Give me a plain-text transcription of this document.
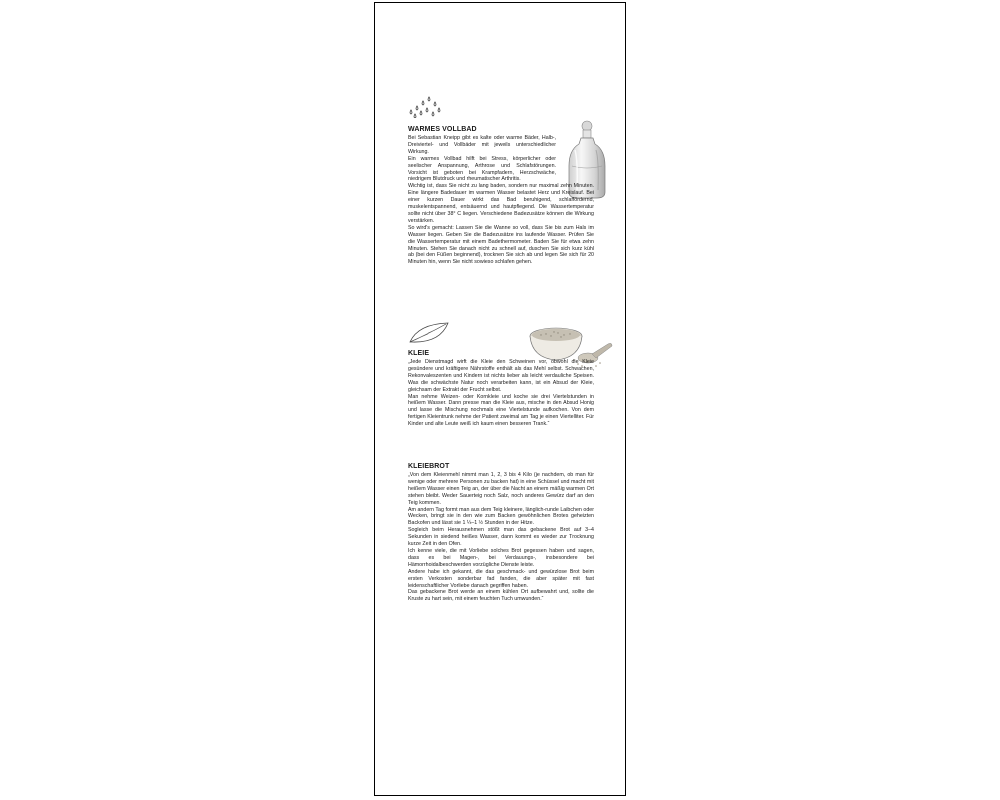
WARMES VOLLBAD

Bei Sebastian Kneipp gibt es kalte oder warme Bäder, Halb-, Dreiviertel- und Vollbäder mit jeweils unterschiedlicher Wirkung.

Ein warmes Vollbad hilft bei Stress, körperlicher oder seelischer Anspannung, Arthrose und Schlafstörungen. Vorsicht ist geboten bei Krampfadern, Herzschwäche, niedrigem Blutdruck und rheumatischer Arthritis.

Wichtig ist, dass Sie nicht zu lang baden, sondern nur maximal zehn Minuten. Eine längere Badedauer im warmen Wasser belastet Herz und Kreislauf. Bei einer kurzen Dauer wirkt das Bad beruhigend, schlaffördernd, muskelentspannend, entsäuernd und hautpflegend. Die Wassertemperatur sollte nicht über 38° C liegen. Verschiedene Badezusätze können die Wirkung verstärken.

So wird's gemacht: Lassen Sie die Wanne so voll, dass Sie bis zum Hals im Wasser liegen. Geben Sie die Badezusätze ins laufende Wasser. Prüfen Sie die Wassertemperatur mit einem Badethermometer. Baden Sie für etwa zehn Minuten. Stehen Sie danach nicht zu schnell auf, duschen Sie sich kurz kühl ab (bei den Füßen beginnend), trocknen Sie sich ab und legen Sie sich für 20 Minuten hin, wenn Sie nicht sowieso schlafen gehen.

KLEIE

„Jede Dienstmagd wirft die Kleie den Schweinen vor, obwohl die Kleie gesündere und kräftigere Nährstoffe enthält als das Mehl selbst. Schwachen, Rekonvaleszenten und Kindern ist nichts lieber als leicht verdauliche Speisen. Was die schwächste Natur noch verarbeiten kann, ist ein Absud der Kleie, gleichsam der Extrakt der Frucht selbst.

Man nehme Weizen- oder Kornkleie und koche sie drei Viertelstunden in heißem Wasser. Dann presse man die Kleie aus, mische in den Absud Honig und lasse die Mischung nochmals eine Viertelstunde aufkochen. Von dem fertigen Kleientrunk nehme der Patient zweimal am Tag je einen Viertelliter. Für Kinder und alte Leute weiß ich kaum einen besseren Trank.“

KLEIEBROT

„Von dem Kleienmehl nimmt man 1, 2, 3 bis 4 Kilo (je nachdem, ob man für wenige oder mehrere Personen zu backen hat) in eine Schüssel und macht mit heißem Wasser einen Teig an, der über die Nacht an einem mäßig warmen Ort stehen bleibt. Weder Sauerteig noch Salz, noch anderes Gewürz darf an den Teig kommen.

Am andern Tag formt man aus dem Teig kleinere, länglich-runde Laibchen oder Wecken, bringt sie in den wie zum Backen gewöhnlichen Brotes geheizten Backofen und lässt sie 1 ¼–1 ½ Stunden in der Hitze.

Sogleich beim Herausnehmen stößt man das gebackene Brot auf 3–4 Sekunden in siedend heißes Wasser, dann kommt es wieder zur Trocknung kurze Zeit in den Ofen.

Ich kenne viele, die mit Vorliebe solches Brot gegessen haben und sagen, dass es bei Magen-, bei Verdauungs-, insbesondere bei Hämorrhoidalbeschwerden vorzügliche Dienste leiste.

Andere habe ich gekannt, die das geschmack- und gewürzlose Brot beim ersten Verkosten sonderbar fad fanden, die aber später mit fast leidenschaftlicher Vorliebe danach gegriffen haben.

Das gebackene Brot werde an einem kühlen Ort aufbewahrt und, sollte die Kruste zu hart sein, mit einem feuchten Tuch umwunden.“
